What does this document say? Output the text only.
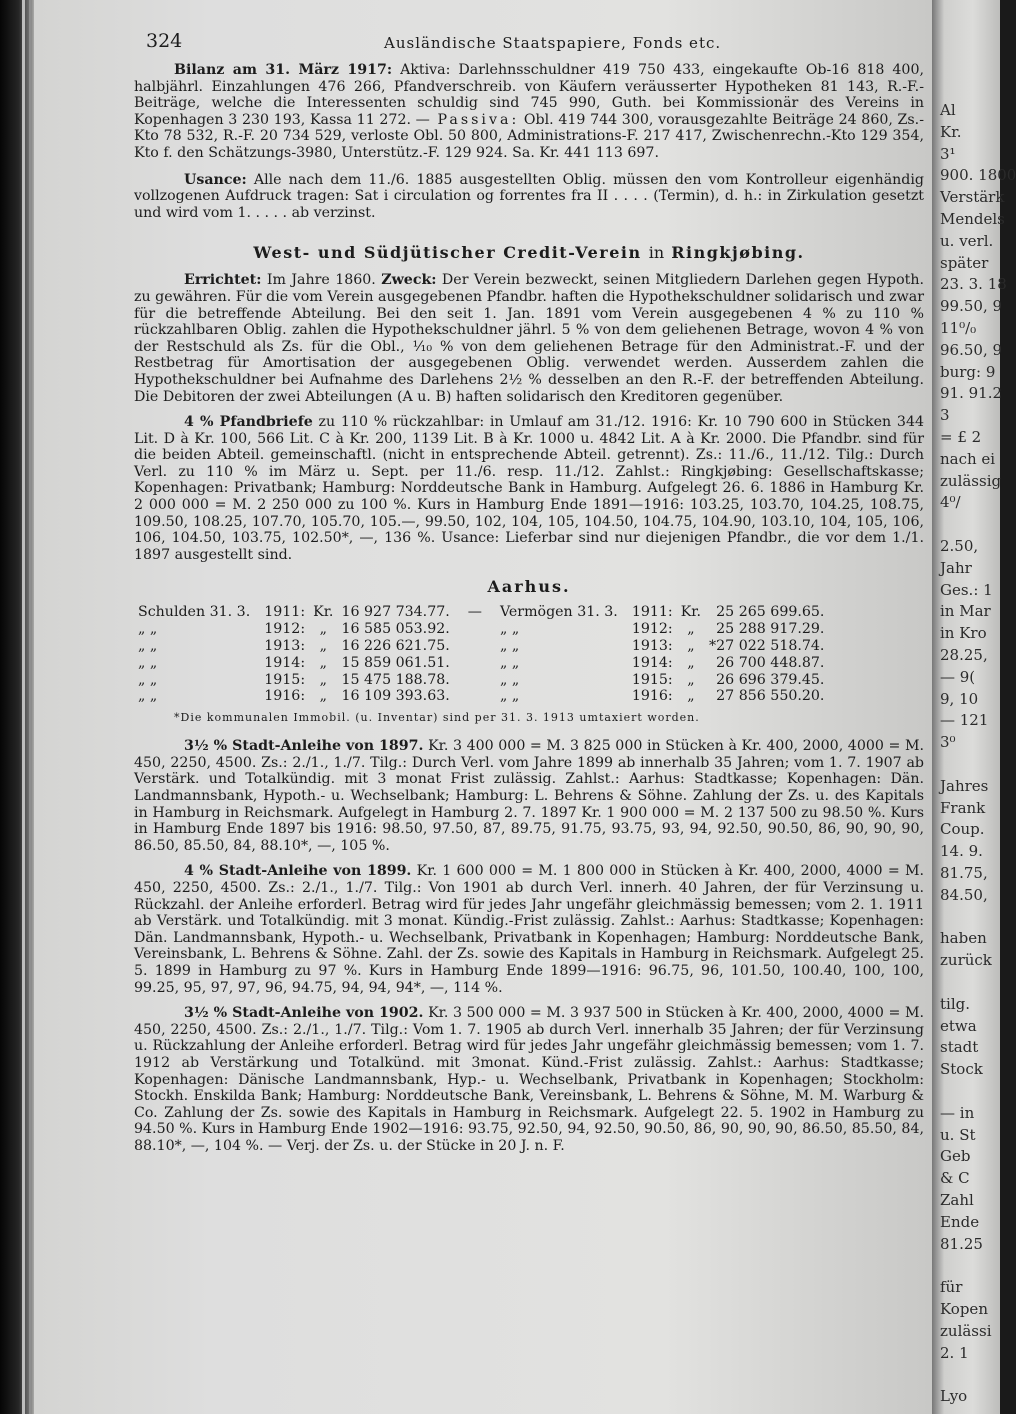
324	Ausländische Staatspapiere, Fonds etc.

Bilanz am 31. März 1917: Aktiva: Darlehnsschuldner 419 750 433, eingekaufte Ob-16 818 400, halbjährl. Einzahlungen 476 266, Pfandverschreib. von Käufern veräusserter Hypotheken 81 143, R.-F.-Beiträge, welche die Interessenten schuldig sind 745 990, Guth. bei Kommissionär des Vereins in Kopenhagen 3 230 193, Kassa 11 272. — Passiva: Obl. 419 744 300, vorausgezahlte Beiträge 24 860, Zs.-Kto 78 532, R.-F. 20 734 529, verloste Obl. 50 800, Administrations-F. 217 417, Zwischenrechn.-Kto 129 354, Kto f. den Schätzungs-3980, Unterstütz.-F. 129 924. Sa. Kr. 441 113 697.

Usance: Alle nach dem 11./6. 1885 ausgestellten Oblig. müssen den vom Kontrolleur eigenhändig vollzogenen Aufdruck tragen: Sat i circulation og forrentes fra II . . . . (Termin), d. h.: in Zirkulation gesetzt und wird vom 1. . . . . ab verzinst.

West- und Südjütischer Credit-Verein in Ringkjøbing.

Errichtet: Im Jahre 1860. Zweck: Der Verein bezweckt, seinen Mitgliedern Darlehen gegen Hypoth. zu gewähren. Für die vom Verein ausgegebenen Pfandbr. haften die Hypothekschuldner solidarisch und zwar für die betreffende Abteilung. Bei den seit 1. Jan. 1891 vom Verein ausgegebenen 4 % zu 110 % rückzahlbaren Oblig. zahlen die Hypothekschuldner jährl. 5 % von dem geliehenen Betrage, wovon 4 % von der Restschuld als Zs. für die Obl., ¹⁄₁₀ % von dem geliehenen Betrage für den Administrat.-F. und der Restbetrag für Amortisation der ausgegebenen Oblig. verwendet werden. Ausserdem zahlen die Hypothekschuldner bei Aufnahme des Darlehens 2½ % desselben an den R.-F. der betreffenden Abteilung. Die Debitoren der zwei Abteilungen (A u. B) haften solidarisch den Kreditoren gegenüber.

4 % Pfandbriefe zu 110 % rückzahlbar: in Umlauf am 31./12. 1916: Kr. 10 790 600 in Stücken 344 Lit. D à Kr. 100, 566 Lit. C à Kr. 200, 1139 Lit. B à Kr. 1000 u. 4842 Lit. A à Kr. 2000. Die Pfandbr. sind für die beiden Abteil. gemeinschaftl. (nicht in entsprechende Abteil. getrennt). Zs.: 11./6., 11./12. Tilg.: Durch Verl. zu 110 % im März u. Sept. per 11./6. resp. 11./12. Zahlst.: Ringkjøbing: Gesellschaftskasse; Kopenhagen: Privatbank; Hamburg: Norddeutsche Bank in Hamburg. Aufgelegt 26. 6. 1886 in Hamburg Kr. 2 000 000 = M. 2 250 000 zu 100 %. Kurs in Hamburg Ende 1891—1916: 103.25, 103.70, 104.25, 108.75, 109.50, 108.25, 107.70, 105.70, 105.—, 99.50, 102, 104, 105, 104.50, 104.75, 104.90, 103.10, 104, 105, 106, 106, 104.50, 103.75, 102.50*, —, 136 %. Usance: Lieferbar sind nur diejenigen Pfandbr., die vor dem 1./1. 1897 ausgestellt sind.

Aarhus.
Schulden 31. 3.	1911:	Kr.	16 927 734.77.	—	Vermögen 31. 3.	1911:	Kr.	25 265 699.65.
„ „	1912:	„	16 585 053.92.		„ „	1912:	„	25 288 917.29.
„ „	1913:	„	16 226 621.75.		„ „	1913:	„	*27 022 518.74.
„ „	1914:	„	15 859 061.51.		„ „	1914:	„	26 700 448.87.
„ „	1915:	„	15 475 188.78.		„ „	1915:	„	26 696 379.45.
„ „	1916:	„	16 109 393.63.		„ „	1916:	„	27 856 550.20.
*Die kommunalen Immobil. (u. Inventar) sind per 31. 3. 1913 umtaxiert worden.

3½ % Stadt-Anleihe von 1897. Kr. 3 400 000 = M. 3 825 000 in Stücken à Kr. 400, 2000, 4000 = M. 450, 2250, 4500. Zs.: 2./1., 1./7. Tilg.: Durch Verl. vom Jahre 1899 ab innerhalb 35 Jahren; vom 1. 7. 1907 ab Verstärk. und Totalkündig. mit 3 monat Frist zulässig. Zahlst.: Aarhus: Stadtkasse; Kopenhagen: Dän. Landmannsbank, Hypoth.- u. Wechselbank; Hamburg: L. Behrens & Söhne. Zahlung der Zs. u. des Kapitals in Hamburg in Reichsmark. Aufgelegt in Hamburg 2. 7. 1897 Kr. 1 900 000 = M. 2 137 500 zu 98.50 %. Kurs in Hamburg Ende 1897 bis 1916: 98.50, 97.50, 87, 89.75, 91.75, 93.75, 93, 94, 92.50, 90.50, 86, 90, 90, 90, 86.50, 85.50, 84, 88.10*, —, 105 %.

4 % Stadt-Anleihe von 1899. Kr. 1 600 000 = M. 1 800 000 in Stücken à Kr. 400, 2000, 4000 = M. 450, 2250, 4500. Zs.: 2./1., 1./7. Tilg.: Von 1901 ab durch Verl. innerh. 40 Jahren, der für Verzinsung u. Rückzahl. der Anleihe erforderl. Betrag wird für jedes Jahr ungefähr gleichmässig bemessen; vom 2. 1. 1911 ab Verstärk. und Totalkündig. mit 3 monat. Kündig.-Frist zulässig. Zahlst.: Aarhus: Stadtkasse; Kopenhagen: Dän. Landmannsbank, Hypoth.- u. Wechselbank, Privatbank in Kopenhagen; Hamburg: Norddeutsche Bank, Vereinsbank, L. Behrens & Söhne. Zahl. der Zs. sowie des Kapitals in Hamburg in Reichsmark. Aufgelegt 25. 5. 1899 in Hamburg zu 97 %. Kurs in Hamburg Ende 1899—1916: 96.75, 96, 101.50, 100.40, 100, 100, 99.25, 95, 97, 97, 96, 94.75, 94, 94, 94*, —, 114 %.

3½ % Stadt-Anleihe von 1902. Kr. 3 500 000 = M. 3 937 500 in Stücken à Kr. 400, 2000, 4000 = M. 450, 2250, 4500. Zs.: 2./1., 1./7. Tilg.: Vom 1. 7. 1905 ab durch Verl. innerhalb 35 Jahren; der für Verzinsung u. Rückzahlung der Anleihe erforderl. Betrag wird für jedes Jahr ungefähr gleichmässig bemessen; vom 1. 7. 1912 ab Verstärkung und Totalkünd. mit 3monat. Künd.-Frist zulässig. Zahlst.: Aarhus: Stadtkasse; Kopenhagen: Dänische Landmannsbank, Hyp.- u. Wechselbank, Privatbank in Kopenhagen; Stockholm: Stockh. Enskilda Bank; Hamburg: Norddeutsche Bank, Vereinsbank, L. Behrens & Söhne, M. M. Warburg & Co. Zahlung der Zs. sowie des Kapitals in Hamburg in Reichsmark. Aufgelegt 22. 5. 1902 in Hamburg zu 94.50 %. Kurs in Hamburg Ende 1902—1916: 93.75, 92.50, 94, 92.50, 90.50, 86, 90, 90, 90, 86.50, 85.50, 84, 88.10*, —, 104 %. — Verj. der Zs. u. der Stücke in 20 J. n. F.

Al
Kr.
3¹
900. 1800
Verstärk
Mendels
u. verl.
später
23. 3. 18
99.50, 9
11⁰/₀
96.50, 9
burg: 9
91. 91.2
3
= £ 2
nach ei
zulässig
4⁰/
2.50,
Jahr
Ges.: 1
in Mar
in Kro
28.25,
— 9(
9, 10
— 121
3⁰
Jahres
Frank
Coup.
14. 9.
81.75,
84.50,
haben
zurück
tilg.
etwa
stadt
Stock
— in
u. St
Geb
& C
Zahl
Ende
81.25
für
Kopen
zulässi
2. 1
Lyo
